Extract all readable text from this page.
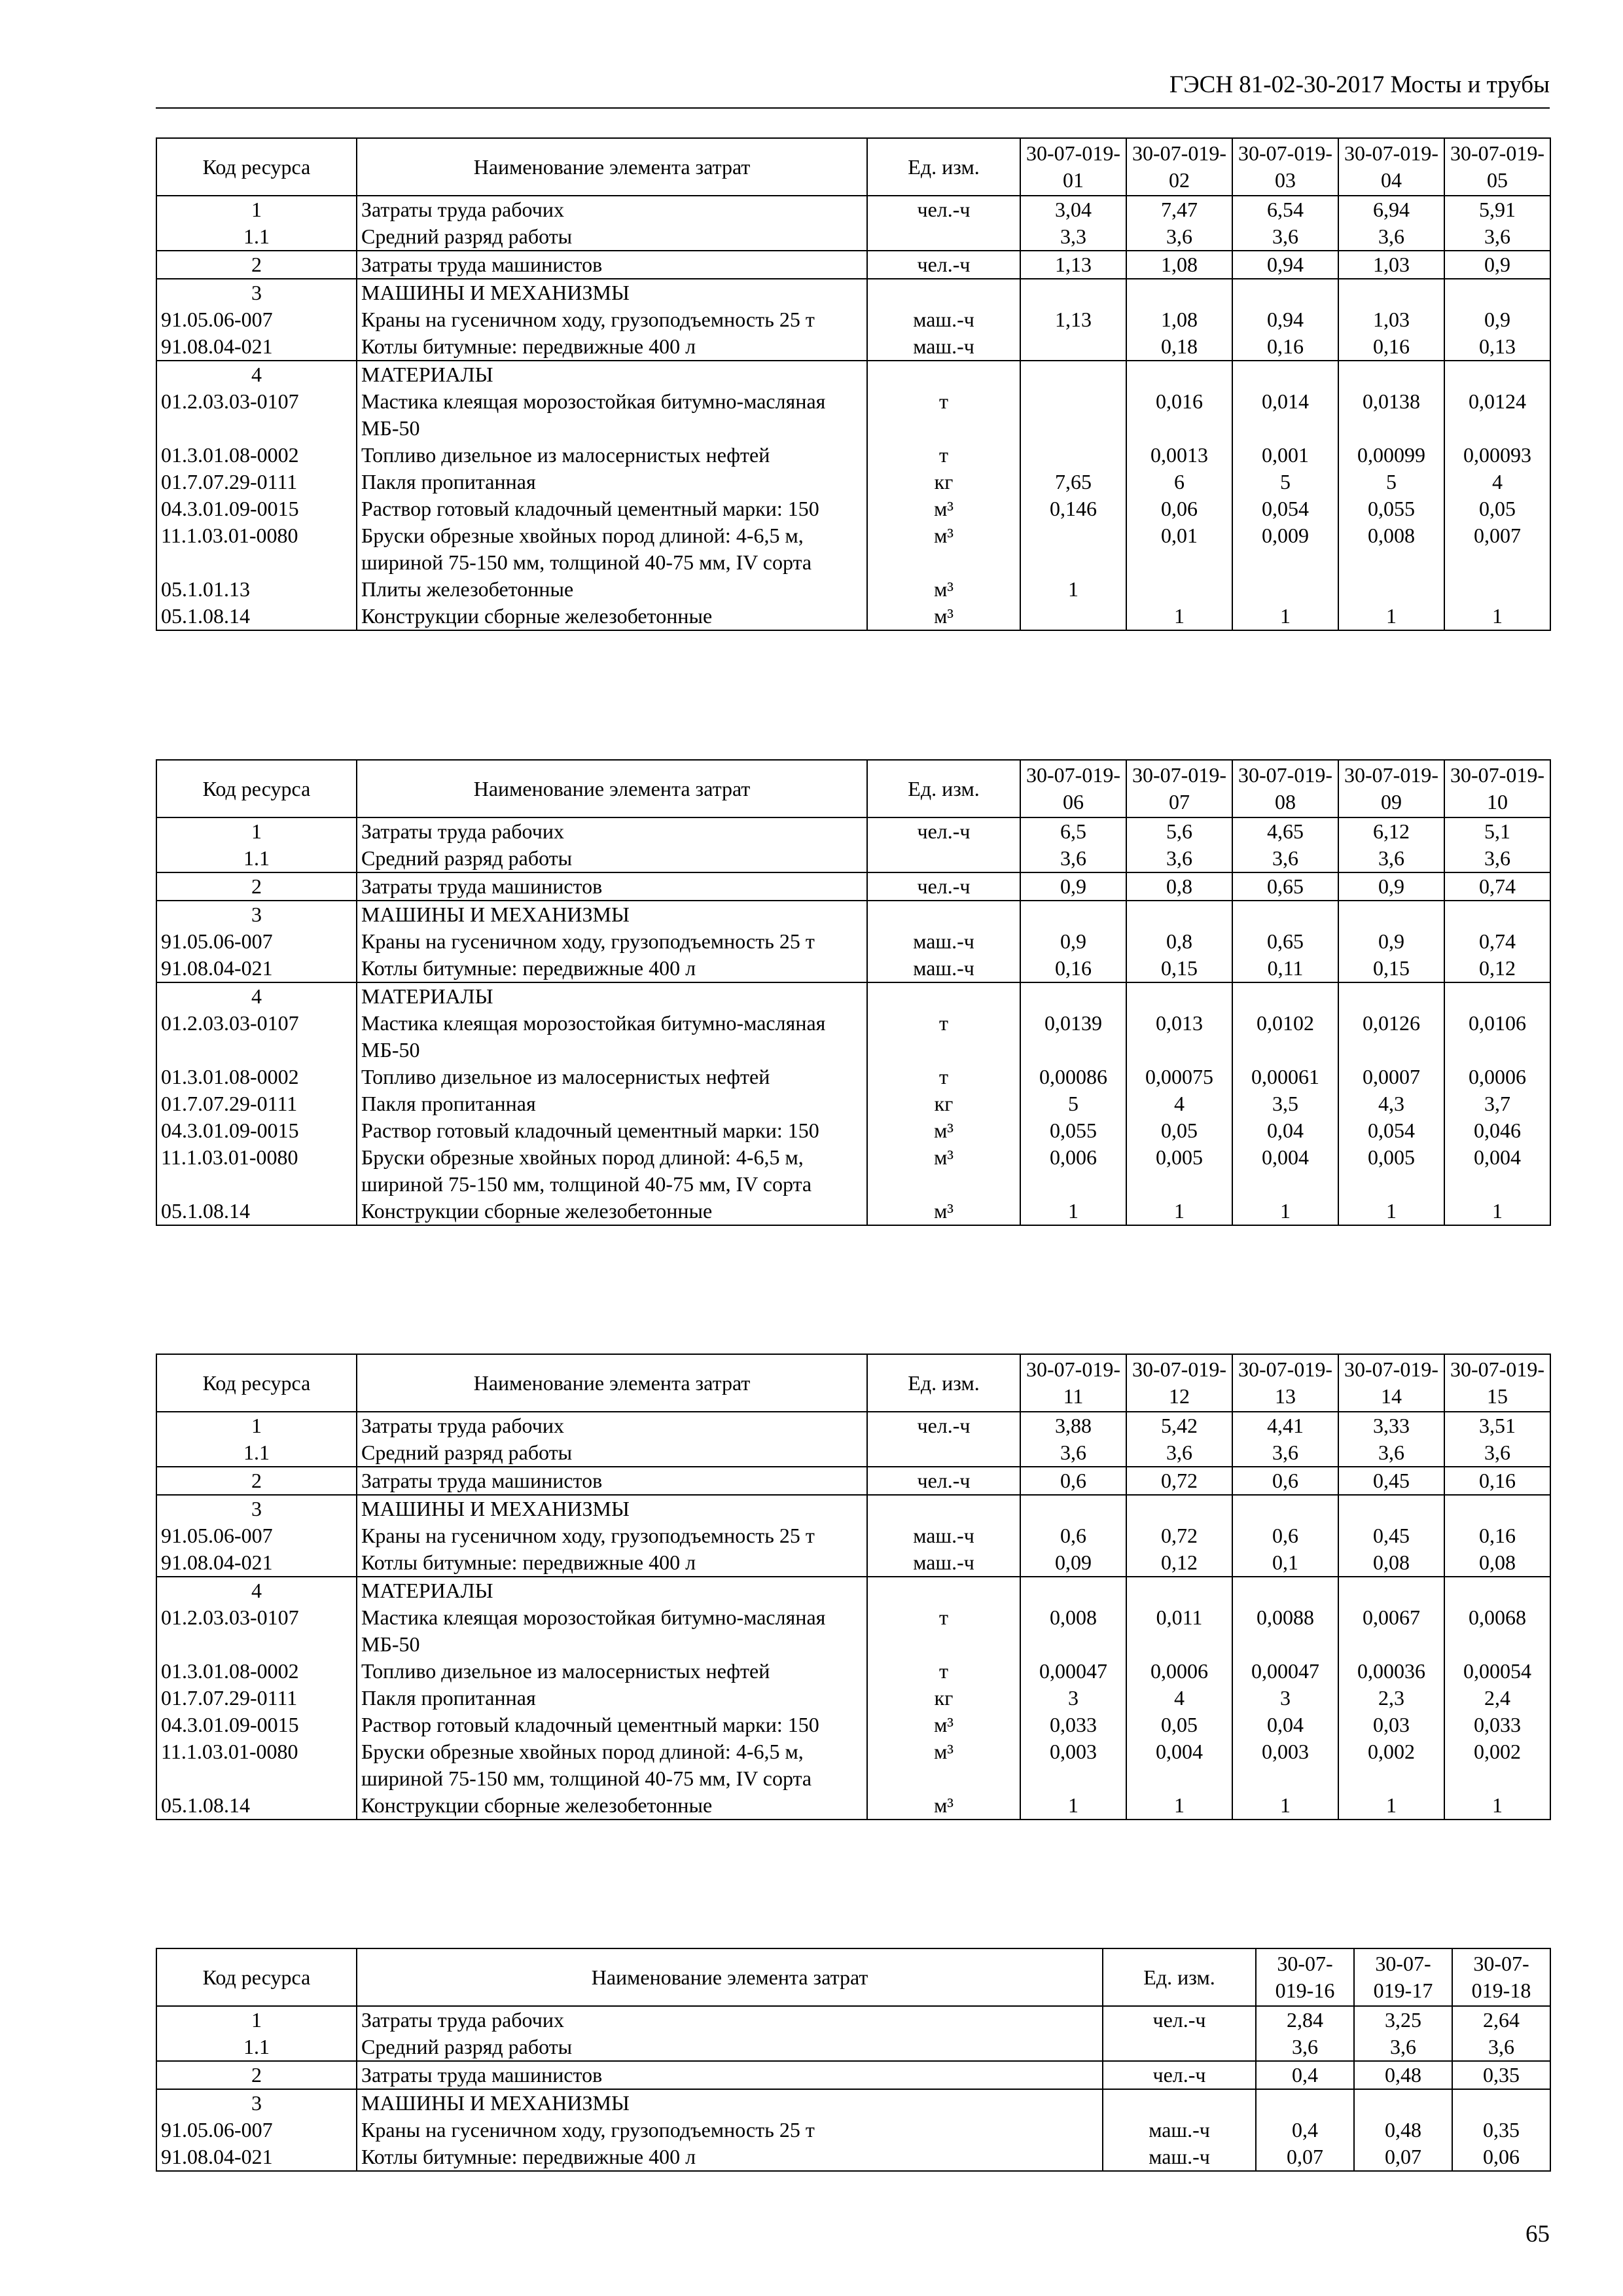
ГЭСН 81-02-30-2017 Мосты и трубы
Код ресурса	Наименование элемента затрат	Ед. изм.	30-07-019-01	30-07-019-02	30-07-019-03	30-07-019-04	30-07-019-05
1	Затраты труда рабочих	чел.-ч	3,04	7,47	6,54	6,94	5,91
1.1	Средний разряд работы		3,3	3,6	3,6	3,6	3,6
2	Затраты труда машинистов	чел.-ч	1,13	1,08	0,94	1,03	0,9
3	МАШИНЫ И МЕХАНИЗМЫ						
91.05.06-007	Краны на гусеничном ходу, грузоподъемность 25 т	маш.-ч	1,13	1,08	0,94	1,03	0,9
91.08.04-021	Котлы битумные: передвижные 400 л	маш.-ч		0,18	0,16	0,16	0,13
4	МАТЕРИАЛЫ						
01.2.03.03-0107	Мастика клеящая морозостойкая битумно-масляная МБ-50	т		0,016	0,014	0,0138	0,0124
01.3.01.08-0002	Топливо дизельное из малосернистых нефтей	т		0,0013	0,001	0,00099	0,00093
01.7.07.29-0111	Пакля пропитанная	кг	7,65	6	5	5	4
04.3.01.09-0015	Раствор готовый кладочный цементный марки: 150	м³	0,146	0,06	0,054	0,055	0,05
11.1.03.01-0080	Бруски обрезные хвойных пород длиной: 4-6,5 м, шириной 75-150 мм, толщиной 40-75 мм, IV сорта	м³		0,01	0,009	0,008	0,007
05.1.01.13	Плиты железобетонные	м³	1				
05.1.08.14	Конструкции сборные железобетонные	м³		1	1	1	1
Код ресурса	Наименование элемента затрат	Ед. изм.	30-07-019-06	30-07-019-07	30-07-019-08	30-07-019-09	30-07-019-10
1	Затраты труда рабочих	чел.-ч	6,5	5,6	4,65	6,12	5,1
1.1	Средний разряд работы		3,6	3,6	3,6	3,6	3,6
2	Затраты труда машинистов	чел.-ч	0,9	0,8	0,65	0,9	0,74
3	МАШИНЫ И МЕХАНИЗМЫ						
91.05.06-007	Краны на гусеничном ходу, грузоподъемность 25 т	маш.-ч	0,9	0,8	0,65	0,9	0,74
91.08.04-021	Котлы битумные: передвижные 400 л	маш.-ч	0,16	0,15	0,11	0,15	0,12
4	МАТЕРИАЛЫ						
01.2.03.03-0107	Мастика клеящая морозостойкая битумно-масляная МБ-50	т	0,0139	0,013	0,0102	0,0126	0,0106
01.3.01.08-0002	Топливо дизельное из малосернистых нефтей	т	0,00086	0,00075	0,00061	0,0007	0,0006
01.7.07.29-0111	Пакля пропитанная	кг	5	4	3,5	4,3	3,7
04.3.01.09-0015	Раствор готовый кладочный цементный марки: 150	м³	0,055	0,05	0,04	0,054	0,046
11.1.03.01-0080	Бруски обрезные хвойных пород длиной: 4-6,5 м, шириной 75-150 мм, толщиной 40-75 мм, IV сорта	м³	0,006	0,005	0,004	0,005	0,004
05.1.08.14	Конструкции сборные железобетонные	м³	1	1	1	1	1
Код ресурса	Наименование элемента затрат	Ед. изм.	30-07-019-11	30-07-019-12	30-07-019-13	30-07-019-14	30-07-019-15
1	Затраты труда рабочих	чел.-ч	3,88	5,42	4,41	3,33	3,51
1.1	Средний разряд работы		3,6	3,6	3,6	3,6	3,6
2	Затраты труда машинистов	чел.-ч	0,6	0,72	0,6	0,45	0,16
3	МАШИНЫ И МЕХАНИЗМЫ						
91.05.06-007	Краны на гусеничном ходу, грузоподъемность 25 т	маш.-ч	0,6	0,72	0,6	0,45	0,16
91.08.04-021	Котлы битумные: передвижные 400 л	маш.-ч	0,09	0,12	0,1	0,08	0,08
4	МАТЕРИАЛЫ						
01.2.03.03-0107	Мастика клеящая морозостойкая битумно-масляная МБ-50	т	0,008	0,011	0,0088	0,0067	0,0068
01.3.01.08-0002	Топливо дизельное из малосернистых нефтей	т	0,00047	0,0006	0,00047	0,00036	0,00054
01.7.07.29-0111	Пакля пропитанная	кг	3	4	3	2,3	2,4
04.3.01.09-0015	Раствор готовый кладочный цементный марки: 150	м³	0,033	0,05	0,04	0,03	0,033
11.1.03.01-0080	Бруски обрезные хвойных пород длиной: 4-6,5 м, шириной 75-150 мм, толщиной 40-75 мм, IV сорта	м³	0,003	0,004	0,003	0,002	0,002
05.1.08.14	Конструкции сборные железобетонные	м³	1	1	1	1	1
Код ресурса	Наименование элемента затрат	Ед. изм.	30-07-019-16	30-07-019-17	30-07-019-18
1	Затраты труда рабочих	чел.-ч	2,84	3,25	2,64
1.1	Средний разряд работы		3,6	3,6	3,6
2	Затраты труда машинистов	чел.-ч	0,4	0,48	0,35
3	МАШИНЫ И МЕХАНИЗМЫ				
91.05.06-007	Краны на гусеничном ходу, грузоподъемность 25 т	маш.-ч	0,4	0,48	0,35
91.08.04-021	Котлы битумные: передвижные 400 л	маш.-ч	0,07	0,07	0,06
65
